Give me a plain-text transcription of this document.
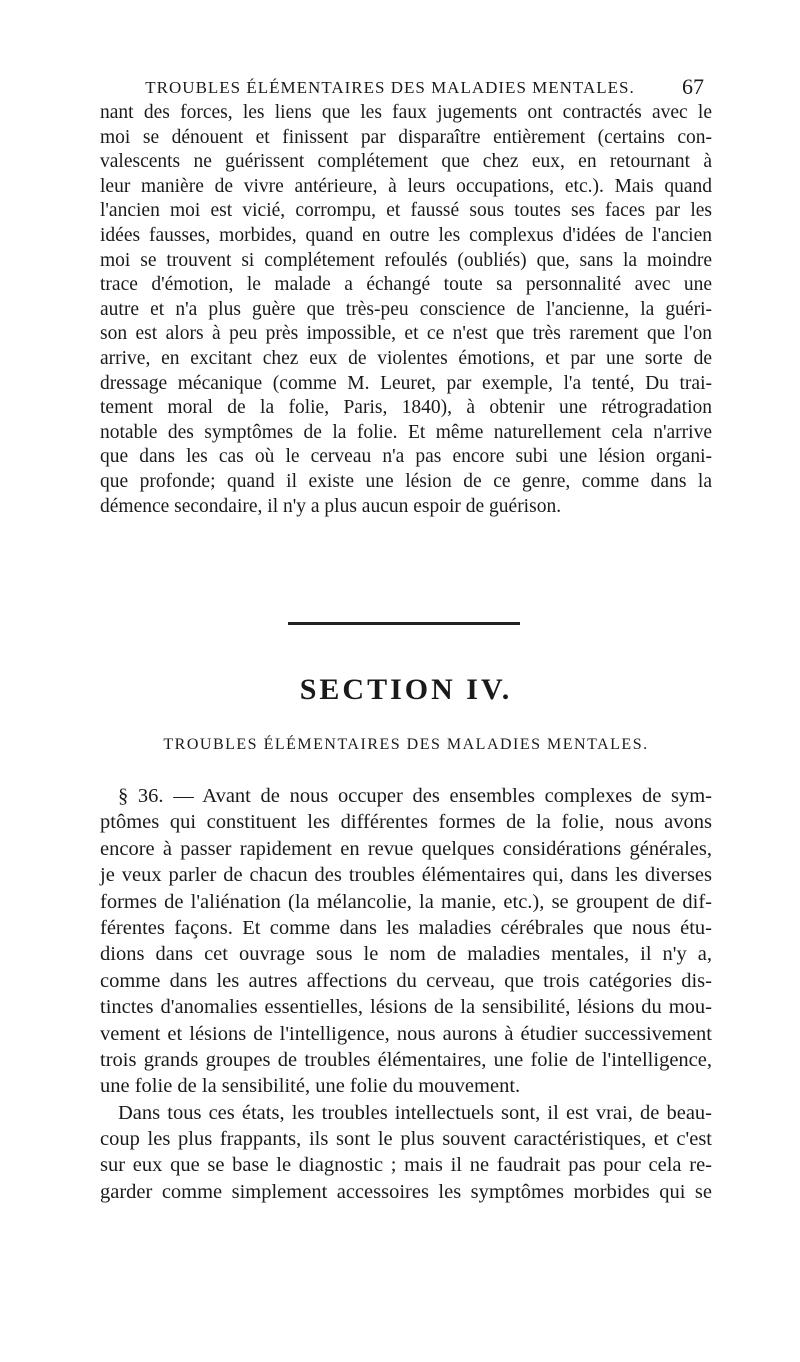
TROUBLES ÉLÉMENTAIRES DES MALADIES MENTALES.	67
nant des forces, les liens que les faux jugements ont contractés avec le
moi se dénouent et finissent par disparaître entièrement (certains con-
valescents ne guérissent complétement que chez eux, en retournant à
leur manière de vivre antérieure, à leurs occupations, etc.). Mais quand
l'ancien moi est vicié, corrompu, et faussé sous toutes ses faces par les
idées fausses, morbides, quand en outre les complexus d'idées de l'ancien
moi se trouvent si complétement refoulés (oubliés) que, sans la moindre
trace d'émotion, le malade a échangé toute sa personnalité avec une
autre et n'a plus guère que très-peu conscience de l'ancienne, la guéri-
son est alors à peu près impossible, et ce n'est que très rarement que l'on
arrive, en excitant chez eux de violentes émotions, et par une sorte de
dressage mécanique (comme M. Leuret, par exemple, l'a tenté, Du trai-
tement moral de la folie, Paris, 1840), à obtenir une rétrogradation
notable des symptômes de la folie. Et même naturellement cela n'arrive
que dans les cas où le cerveau n'a pas encore subi une lésion organi-
que profonde; quand il existe une lésion de ce genre, comme dans la
démence secondaire, il n'y a plus aucun espoir de guérison.
SECTION IV.
TROUBLES ÉLÉMENTAIRES DES MALADIES MENTALES.
§ 36. — Avant de nous occuper des ensembles complexes de sym-
ptômes qui constituent les différentes formes de la folie, nous avons
encore à passer rapidement en revue quelques considérations générales,
je veux parler de chacun des troubles élémentaires qui, dans les diverses
formes de l'aliénation (la mélancolie, la manie, etc.), se groupent de dif-
férentes façons. Et comme dans les maladies cérébrales que nous étu-
dions dans cet ouvrage sous le nom de maladies mentales, il n'y a,
comme dans les autres affections du cerveau, que trois catégories dis-
tinctes d'anomalies essentielles, lésions de la sensibilité, lésions du mou-
vement et lésions de l'intelligence, nous aurons à étudier successivement
trois grands groupes de troubles élémentaires, une folie de l'intelligence,
une folie de la sensibilité, une folie du mouvement.
Dans tous ces états, les troubles intellectuels sont, il est vrai, de beau-
coup les plus frappants, ils sont le plus souvent caractéristiques, et c'est
sur eux que se base le diagnostic ; mais il ne faudrait pas pour cela re-
garder comme simplement accessoires les symptômes morbides qui se
